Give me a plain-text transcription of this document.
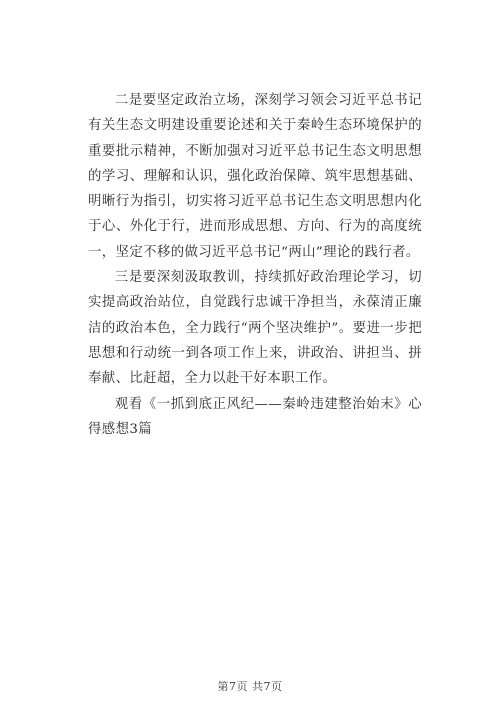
二是要坚定政治立场，深刻学习领会习近平总书记有关生态文明建设重要论述和关于秦岭生态环境保护的重要批示精神，不断加强对习近平总书记生态文明思想的学习、理解和认识，强化政治保障、筑牢思想基础、明晰行为指引，切实将习近平总书记生态文明思想内化于心、外化于行，进而形成思想、方向、行为的高度统一，坚定不移的做习近平总书记“两山”理论的践行者。

三是要深刻汲取教训，持续抓好政治理论学习，切实提高政治站位，自觉践行忠诚干净担当，永葆清正廉洁的政治本色，全力践行“两个坚决维护”。要进一步把思想和行动统一到各项工作上来，讲政治、讲担当、拼奉献、比赶超，全力以赴干好本职工作。

观看《一抓到底正风纪——秦岭违建整治始末》心得感想3篇

第7页 共7页
